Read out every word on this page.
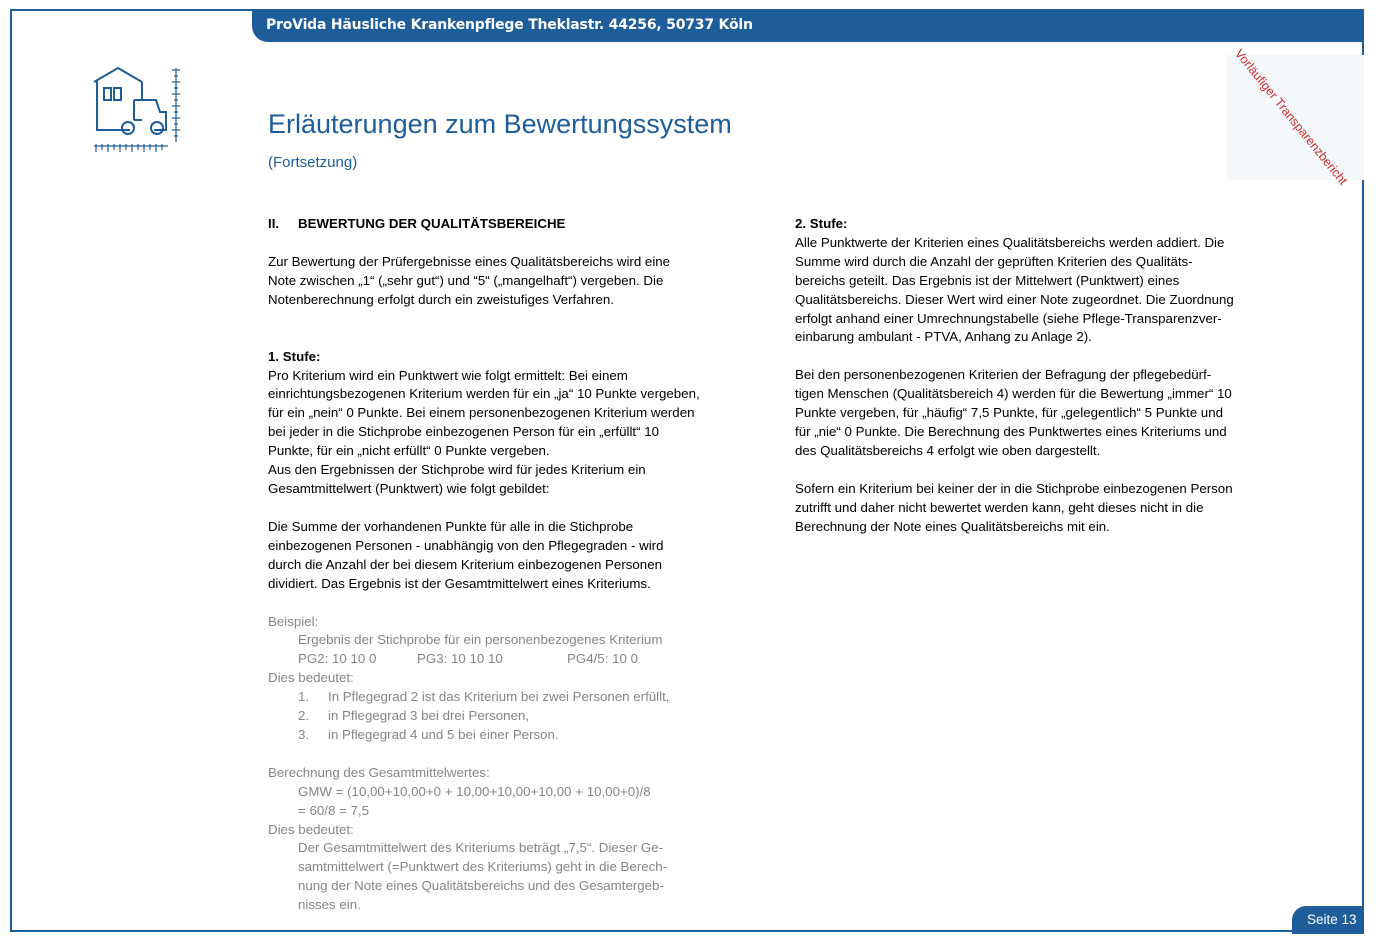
ProVida Häusliche Krankenpflege Theklastr. 44256, 50737 Köln
Erläuterungen zum Bewertungssystem
(Fortsetzung)	Vorläufiger Transparenzbericht

II. BEWERTUNG DER QUALITÄTSBEREICHE

Zur Bewertung der Prüfergebnisse eines Qualitätsbereichs wird eine
Note zwischen „1“ („sehr gut“) und “5“ („mangelhaft“) vergeben. Die
Notenberechnung erfolgt durch ein zweistufiges Verfahren.

1. Stufe:

Pro Kriterium wird ein Punktwert wie folgt ermittelt: Bei einem
einrichtungsbezogenen Kriterium werden für ein „ja“ 10 Punkte vergeben,
für ein „nein“ 0 Punkte. Bei einem personenbezogenen Kriterium werden
bei jeder in die Stichprobe einbezogenen Person für ein „erfüllt“ 10
Punkte, für ein „nicht erfüllt“ 0 Punkte vergeben.
Aus den Ergebnissen der Stichprobe wird für jedes Kriterium ein
Gesamtmittelwert (Punktwert) wie folgt gebildet:

Die Summe der vorhandenen Punkte für alle in die Stichprobe
einbezogenen Personen - unabhängig von den Pflegegraden - wird
durch die Anzahl der bei diesem Kriterium einbezogenen Personen
dividiert. Das Ergebnis ist der Gesamtmittelwert eines Kriteriums.

Beispiel:

Ergebnis der Stichprobe für ein personenbezogenes Kriterium

PG2: 10 10 0	PG3: 10 10 10	PG4/5: 10 0

Dies bedeutet:

1.	In Pflegegrad 2 ist das Kriterium bei zwei Personen erfüllt,
2.	in Pflegegrad 3 bei drei Personen,
3.	in Pflegegrad 4 und 5 bei einer Person.

Berechnung des Gesamtmittelwertes:

GMW = (10,00+10,00+0 + 10,00+10,00+10,00 + 10,00+0)/8

= 60/8 = 7,5

Dies bedeutet:

Der Gesamtmittelwert des Kriteriums beträgt „7,5“. Dieser Ge-
samtmittelwert (=Punktwert des Kriteriums) geht in die Berech-
nung der Note eines Qualitätsbereichs und des Gesamtergeb-
nisses ein.

2. Stufe:

Alle Punktwerte der Kriterien eines Qualitätsbereichs werden addiert. Die
Summe wird durch die Anzahl der geprüften Kriterien des Qualitäts-
bereichs geteilt. Das Ergebnis ist der Mittelwert (Punktwert) eines
Qualitätsbereichs. Dieser Wert wird einer Note zugeordnet. Die Zuordnung
erfolgt anhand einer Umrechnungstabelle (siehe Pflege-Transparenzver-
einbarung ambulant - PTVA, Anhang zu Anlage 2).

Bei den personenbezogenen Kriterien der Befragung der pflegebedürf-
tigen Menschen (Qualitätsbereich 4) werden für die Bewertung „immer“ 10
Punkte vergeben, für „häufig“ 7,5 Punkte, für „gelegentlich“ 5 Punkte und
für „nie“ 0 Punkte. Die Berechnung des Punktwertes eines Kriteriums und
des Qualitätsbereichs 4 erfolgt wie oben dargestellt.

Sofern ein Kriterium bei keiner der in die Stichprobe einbezogenen Person
zutrifft und daher nicht bewertet werden kann, geht dieses nicht in die
Berechnung der Note eines Qualitätsbereichs mit ein.

Seite 13
